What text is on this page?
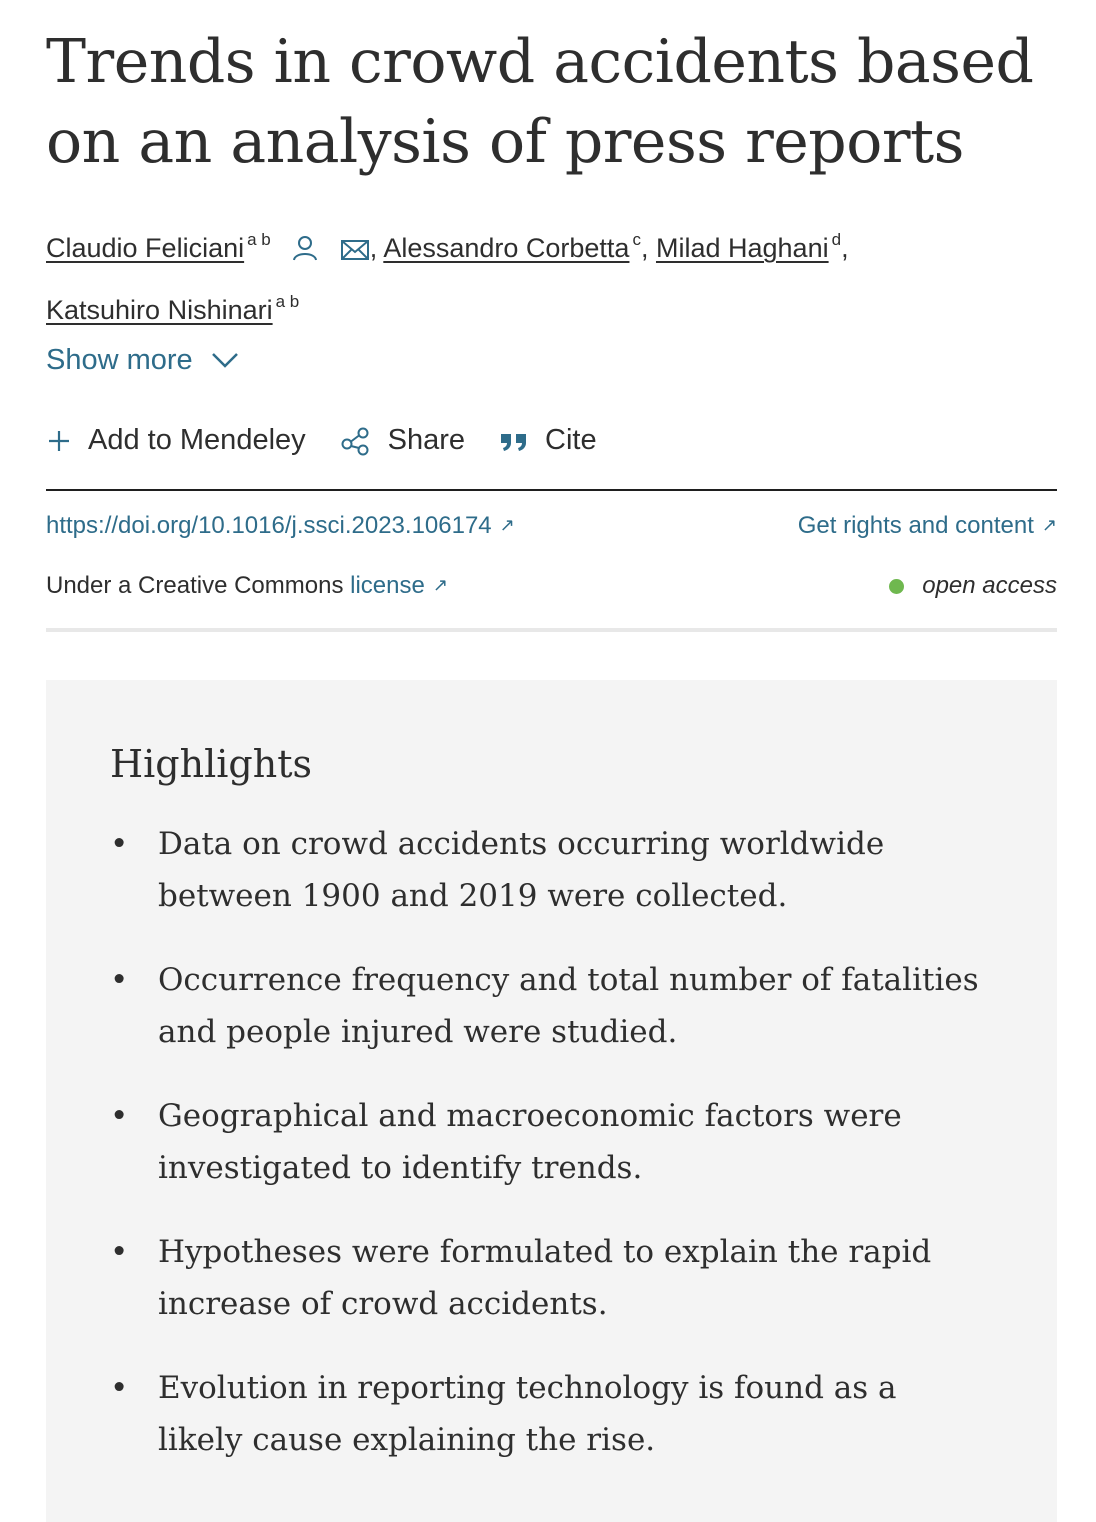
Trends in crowd accidents based on an analysis of press reports
Claudio Feliciani $^{a b}$	, Alessandro Corbetta $^c$, Milad Haghani $^d$,
Katsuhiro Nishinari $^{a b}$
Show more
Add to Mendeley	Share	Cite
https://doi.org/10.1016/j.ssci.2023.106174 ↗	Get rights and content ↗
Under a Creative Commons license ↗	open access
Highlights
• Data on crowd accidents occurring worldwide between 1900 and 2019 were collected.
• Occurrence frequency and total number of fatalities and people injured were studied.
• Geographical and macroeconomic factors were investigated to identify trends.
• Hypotheses were formulated to explain the rapid increase of crowd accidents.
• Evolution in reporting technology is found as a likely cause explaining the rise.
